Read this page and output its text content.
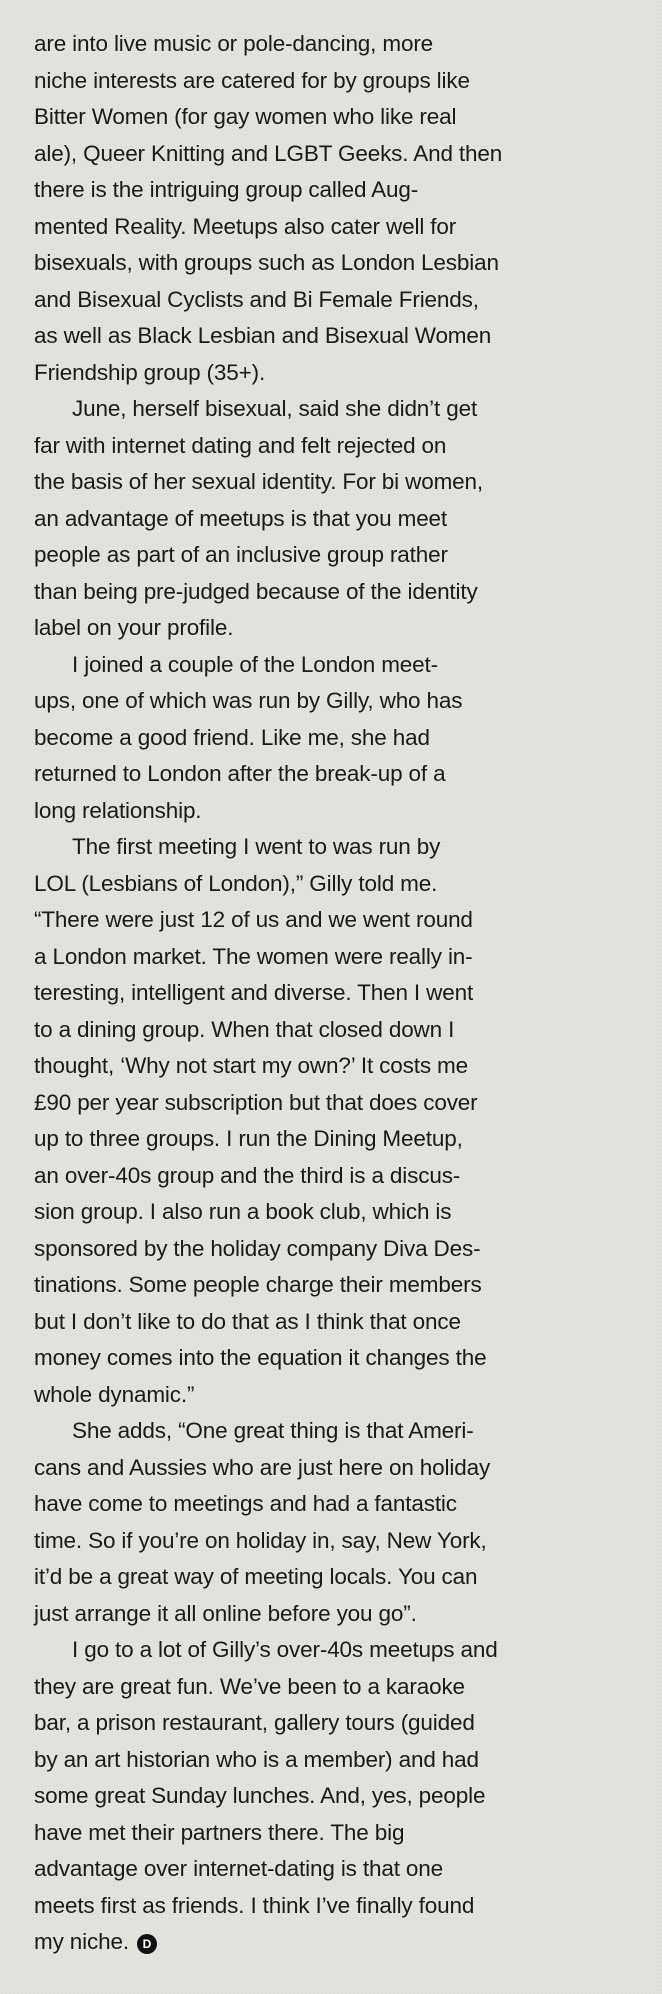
are into live music or pole-dancing, more
niche interests are catered for by groups like
Bitter Women (for gay women who like real
ale), Queer Knitting and LGBT Geeks. And then
there is the intriguing group called Aug-
mented Reality. Meetups also cater well for
bisexuals, with groups such as London Lesbian
and Bisexual Cyclists and Bi Female Friends,
as well as Black Lesbian and Bisexual Women
Friendship group (35+).
June, herself bisexual, said she didn’t get
far with internet dating and felt rejected on
the basis of her sexual identity. For bi women,
an advantage of meetups is that you meet
people as part of an inclusive group rather
than being pre-judged because of the identity
label on your profile.
I joined a couple of the London meet-
ups, one of which was run by Gilly, who has
become a good friend. Like me, she had
returned to London after the break-up of a
long relationship.
The first meeting I went to was run by
LOL (Lesbians of London),” Gilly told me.
“There were just 12 of us and we went round
a London market. The women were really in-
teresting, intelligent and diverse. Then I went
to a dining group. When that closed down I
thought, ‘Why not start my own?’ It costs me
£90 per year subscription but that does cover
up to three groups. I run the Dining Meetup,
an over-40s group and the third is a discus-
sion group. I also run a book club, which is
sponsored by the holiday company Diva Des-
tinations. Some people charge their members
but I don’t like to do that as I think that once
money comes into the equation it changes the
whole dynamic.”
She adds, “One great thing is that Ameri-
cans and Aussies who are just here on holiday
have come to meetings and had a fantastic
time. So if you’re on holiday in, say, New York,
it’d be a great way of meeting locals. You can
just arrange it all online before you go”.
I go to a lot of Gilly’s over-40s meetups and
they are great fun. We’ve been to a karaoke
bar, a prison restaurant, gallery tours (guided
by an art historian who is a member) and had
some great Sunday lunches. And, yes, people
have met their partners there. The big
advantage over internet-dating is that one
meets first as friends. I think I’ve finally found
my niche. D
